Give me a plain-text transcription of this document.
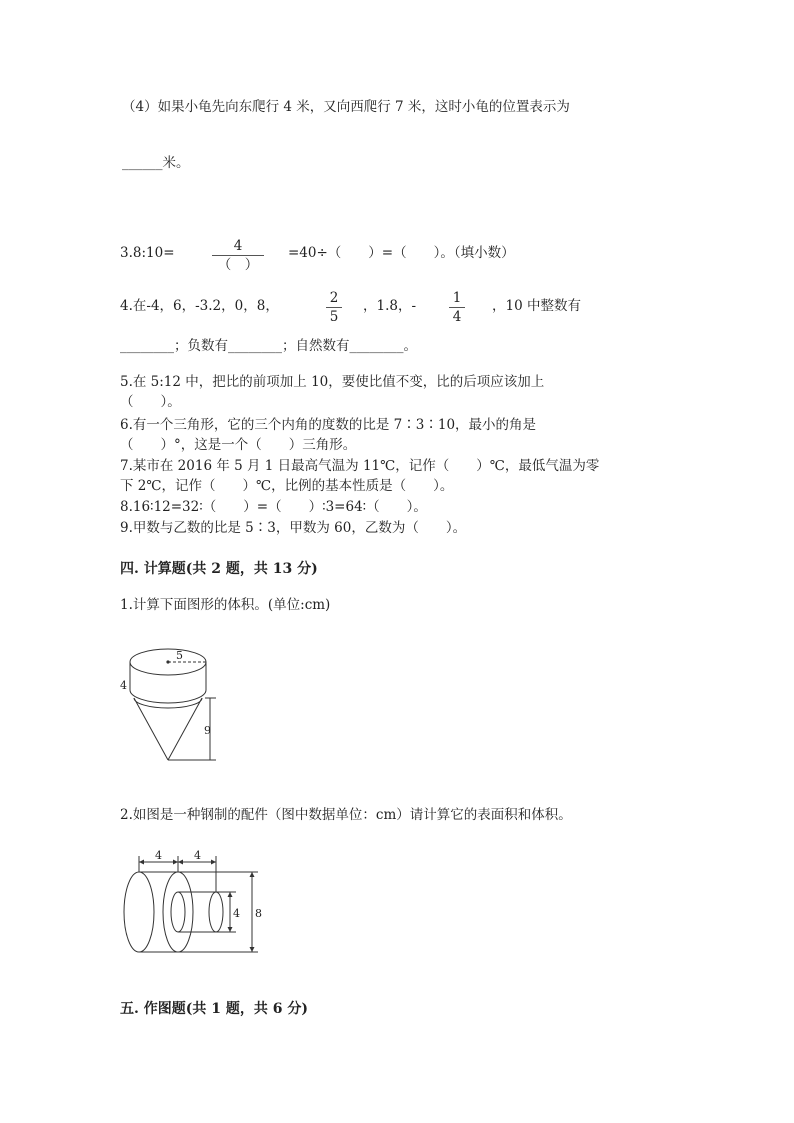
（4）如果小龟先向东爬行 4 米，又向西爬行 7 米，这时小龟的位置表示为
______米。
3.8:10=	4
（　）
=40÷（　　）=（　　）。（填小数）
4.在-4，6，-3.2，0，8，	2
5
，1.8，-	1
4
，10 中整数有
________；负数有________；自然数有________。
5.在 5:12 中，把比的前项加上 10，要使比值不变，比的后项应该加上
（　　）。
6.有一个三角形，它的三个内角的度数的比是 7∶3∶10，最小的角是
（　　）°，这是一个（　　）三角形。
7.某市在 2016 年 5 月 1 日最高气温为 11℃，记作（　　）℃，最低气温为零
下 2℃，记作（　　）℃，比例的基本性质是（　　）。
8.16∶12=32∶（　　）=（　　）∶3=64∶（　　）。
9.甲数与乙数的比是 5∶3，甲数为 60，乙数为（　　）。
四. 计算题(共 2 题，共 13 分)
1.计算下面图形的体积。(单位:cm)
5
4
9
2.如图是一种钢制的配件（图中数据单位：cm）请计算它的表面积和体积。
4	4
4 8
五. 作图题(共 1 题，共 6 分)
